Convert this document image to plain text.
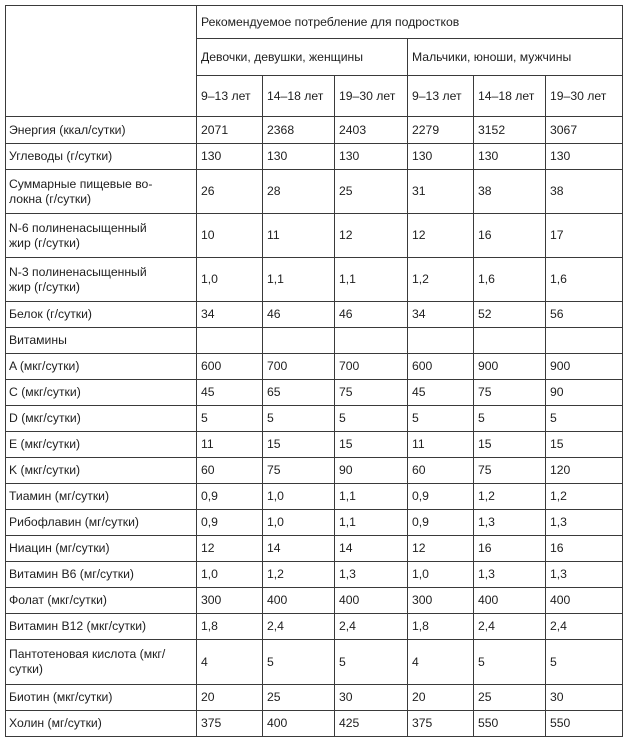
	Рекомендуемое потребление для подростков					
	Девочки, девушки, женщины			Мальчики, юноши, мужчины		
	9–13 лет	14–18 лет	19–30 лет	9–13 лет	14–18 лет	19–30 лет
Энергия (ккал/сутки)	2071	2368	2403	2279	3152	3067
Углеводы (г/сутки)	130	130	130	130	130	130
Суммарные пищевые во-
локна (г/сутки)	26	28	25	31	38	38
N-6 полиненасыщенный
жир (г/сутки)	10	11	12	12	16	17
N-3 полиненасыщенный
жир (г/сутки)	1,0	1,1	1,1	1,2	1,6	1,6
Белок (г/сутки)	34	46	46	34	52	56
Витамины						
A (мкг/сутки)	600	700	700	600	900	900
C (мкг/сутки)	45	65	75	45	75	90
D (мкг/сутки)	5	5	5	5	5	5
E (мкг/сутки)	11	15	15	11	15	15
K (мкг/сутки)	60	75	90	60	75	120
Тиамин (мг/сутки)	0,9	1,0	1,1	0,9	1,2	1,2
Рибофлавин (мг/сутки)	0,9	1,0	1,1	0,9	1,3	1,3
Ниацин (мг/сутки)	12	14	14	12	16	16
Витамин B6 (мг/сутки)	1,0	1,2	1,3	1,0	1,3	1,3
Фолат (мкг/сутки)	300	400	400	300	400	400
Витамин B12 (мкг/сутки)	1,8	2,4	2,4	1,8	2,4	2,4
Пантотеновая кислота (мкг/
сутки)	4	5	5	4	5	5
Биотин (мкг/сутки)	20	25	30	20	25	30
Холин (мг/сутки)	375	400	425	375	550	550
